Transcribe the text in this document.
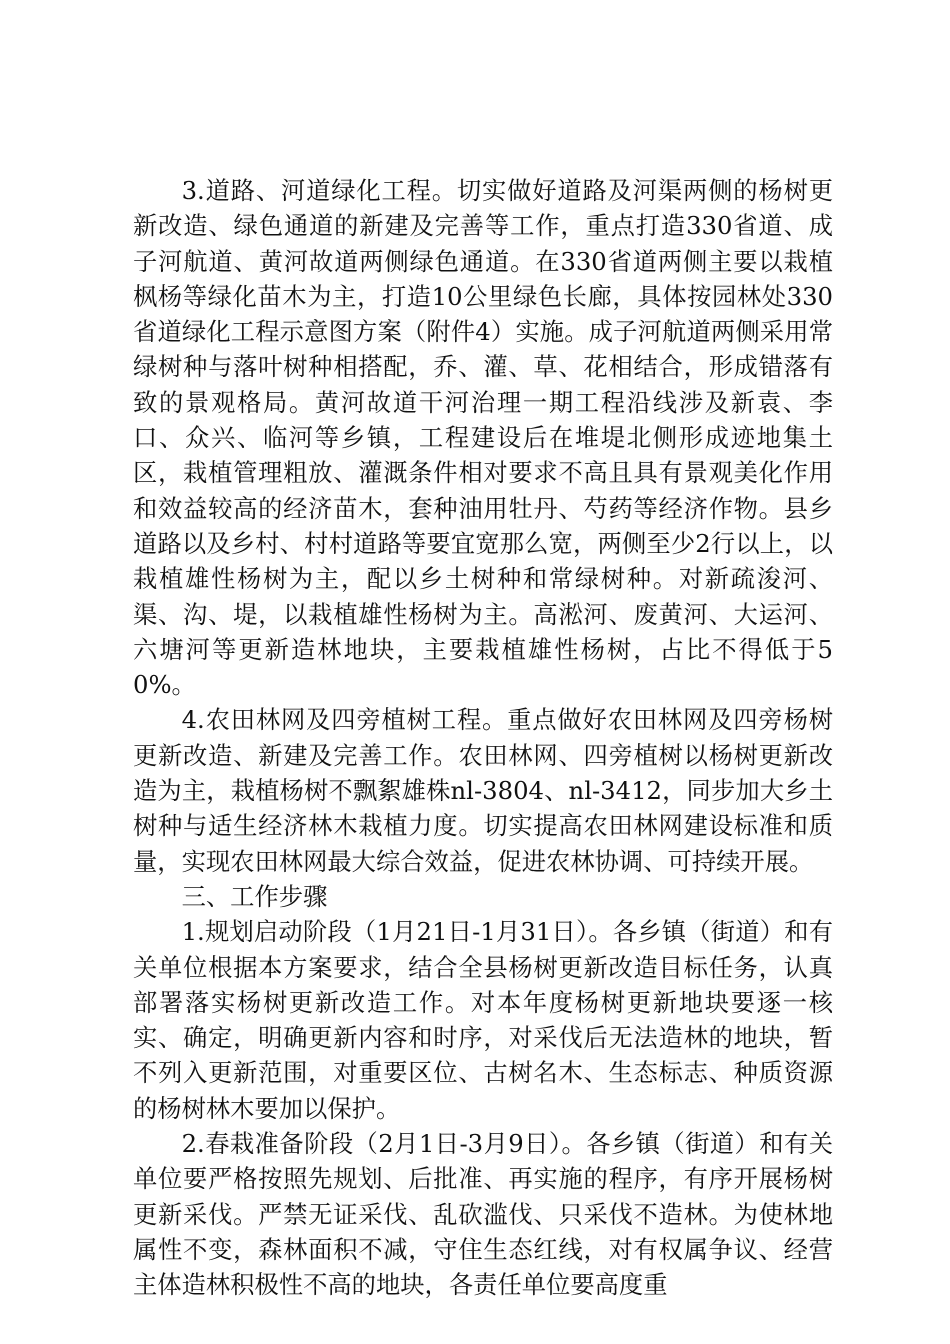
3.道路、河道绿化工程。切实做好道路及河渠两侧的杨树更新改造、绿色通道的新建及完善等工作，重点打造330省道、成子河航道、黄河故道两侧绿色通道。在330省道两侧主要以栽植枫杨等绿化苗木为主，打造10公里绿色长廊，具体按园林处330省道绿化工程示意图方案（附件4）实施。成子河航道两侧采用常绿树种与落叶树种相搭配，乔、灌、草、花相结合，形成错落有致的景观格局。黄河故道干河治理一期工程沿线涉及新袁、李口、众兴、临河等乡镇，工程建设后在堆堤北侧形成迹地集土区，栽植管理粗放、灌溉条件相对要求不高且具有景观美化作用和效益较高的经济苗木，套种油用牡丹、芍药等经济作物。县乡道路以及乡村、村村道路等要宜宽那么宽，两侧至少2行以上，以栽植雄性杨树为主，配以乡土树种和常绿树种。对新疏浚河、渠、沟、堤，以栽植雄性杨树为主。高淞河、废黄河、大运河、六塘河等更新造林地块，主要栽植雄性杨树，占比不得低于50%。

4.农田林网及四旁植树工程。重点做好农田林网及四旁杨树更新改造、新建及完善工作。农田林网、四旁植树以杨树更新改造为主，栽植杨树不飘絮雄株nl-3804、nl-3412，同步加大乡土树种与适生经济林木栽植力度。切实提高农田林网建设标准和质量，实现农田林网最大综合效益，促进农林协调、可持续开展。

三、工作步骤

1.规划启动阶段（1月21日-1月31日）。各乡镇（街道）和有关单位根据本方案要求，结合全县杨树更新改造目标任务，认真部署落实杨树更新改造工作。对本年度杨树更新地块要逐一核实、确定，明确更新内容和时序，对采伐后无法造林的地块，暂不列入更新范围，对重要区位、古树名木、生态标志、种质资源的杨树林木要加以保护。

2.春栽准备阶段（2月1日-3月9日）。各乡镇（街道）和有关单位要严格按照先规划、后批准、再实施的程序，有序开展杨树更新采伐。严禁无证采伐、乱砍滥伐、只采伐不造林。为使林地属性不变，森林面积不减，守住生态红线，对有权属争议、经营主体造林积极性不高的地块，各责任单位要高度重
